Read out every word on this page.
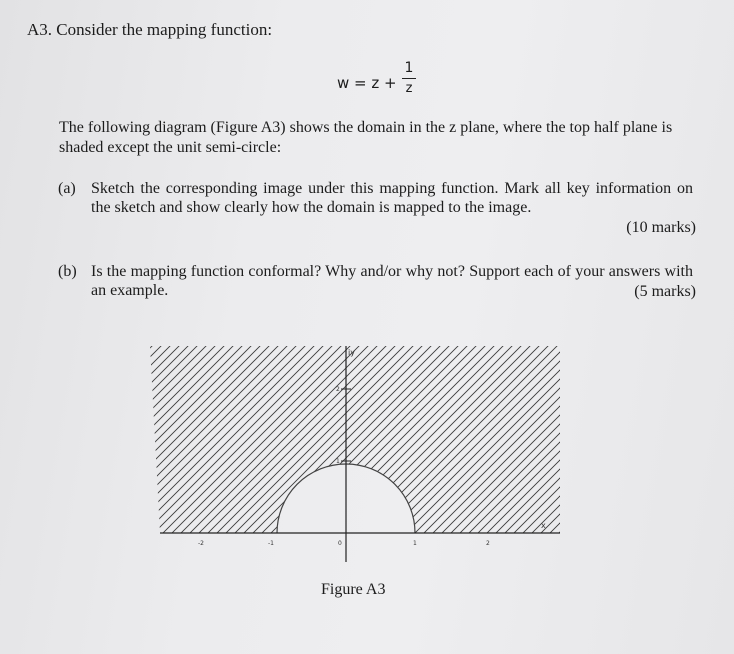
A3. Consider the mapping function:
w = z +
1
z
The following diagram (Figure A3) shows the domain in the z plane, where the top half plane is shaded except the unit semi-circle:
(a) Sketch the corresponding image under this mapping function. Mark all key information on the sketch and show clearly how the domain is mapped to the image.
(10 marks)
(b) Is the mapping function conformal? Why and/or why not? Support each of your answers with an example.	(5 marks)
2
1
iy
x
-2	-1	0	1	2
Figure A3
